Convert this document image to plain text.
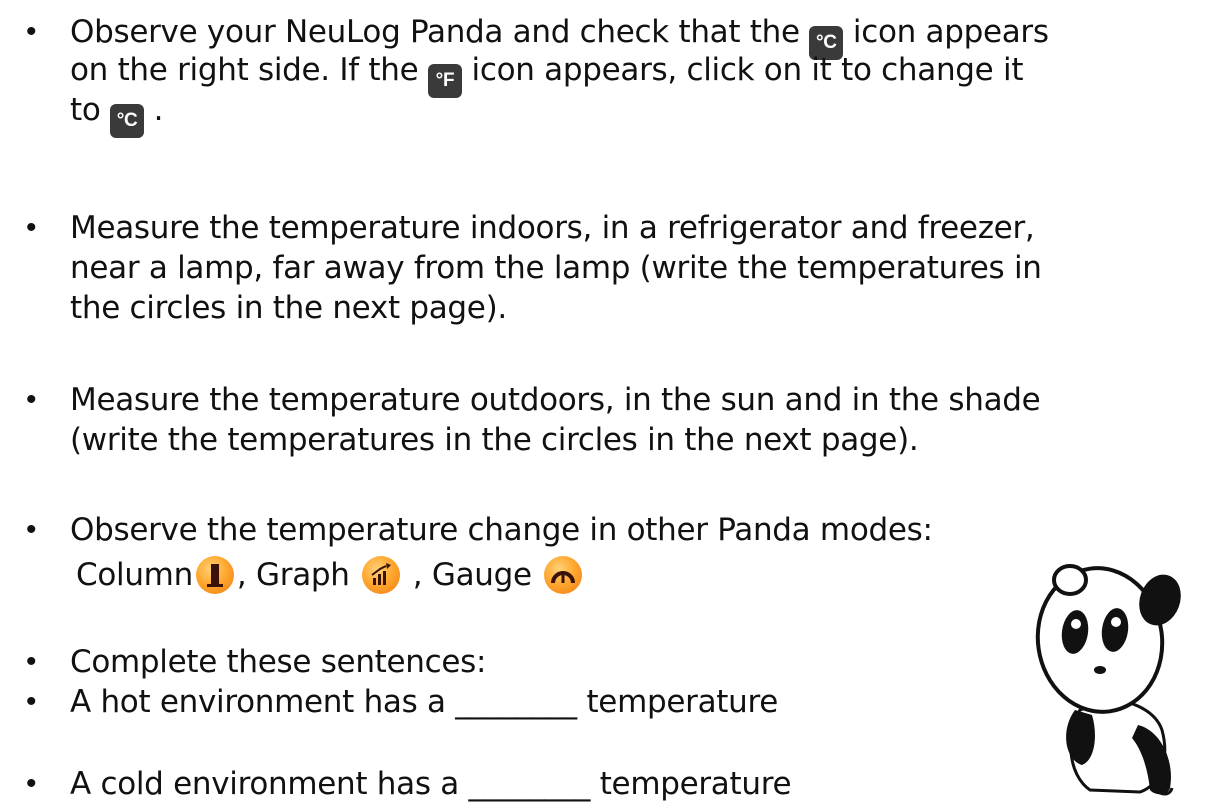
• Observe your NeuLog Panda and check that the °C icon appears
on the right side. If the °F icon appears, click on it to change it
to °C .
• Measure the temperature indoors, in a refrigerator and freezer,
near a lamp, far away from the lamp (write the temperatures in
the circles in the next page).
• Measure the temperature outdoors, in the sun and in the shade
(write the temperatures in the circles in the next page).
• Observe the temperature change in other Panda modes:
Column , Graph , Gauge
• Complete these sentences:
• A hot environment has a ________ temperature
• A cold environment has a ________ temperature
